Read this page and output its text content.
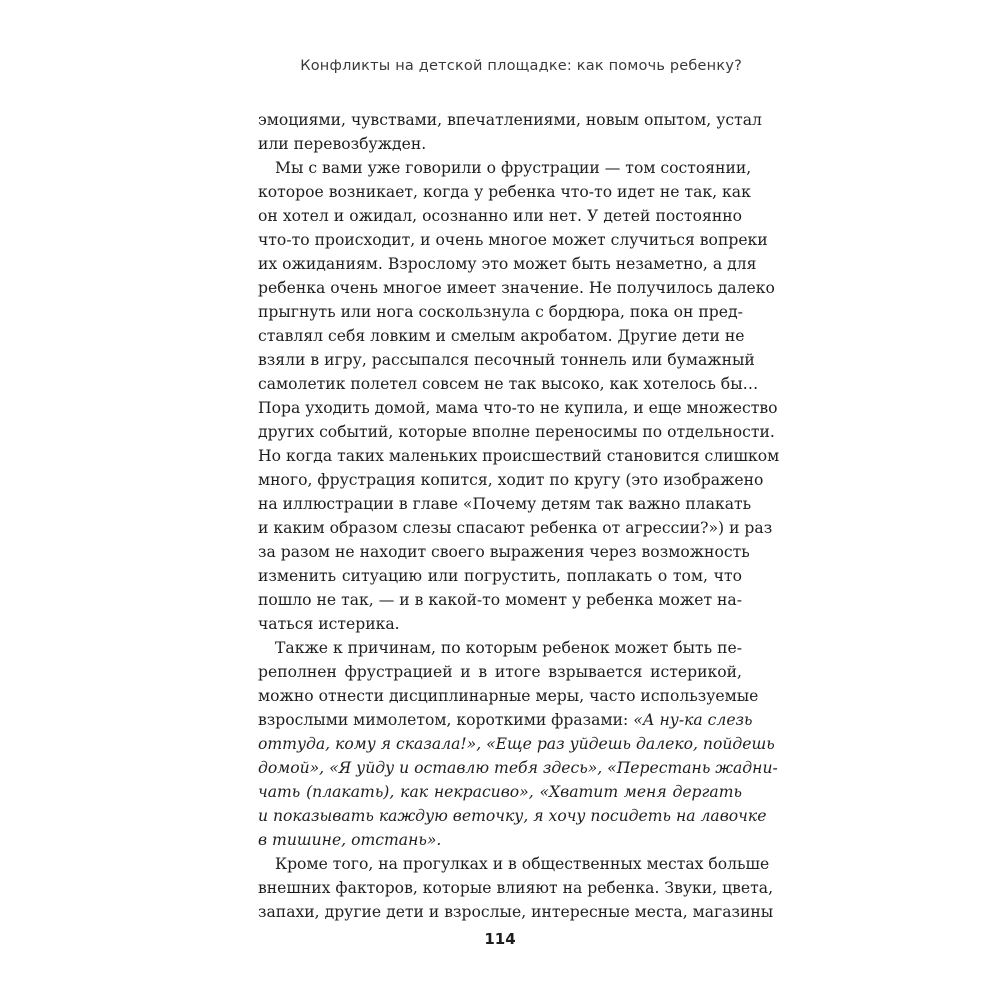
Конфликты на детской площадке: как помочь ребенку?
эмоциями, чувствами, впечатлениями, новым опытом, устал
или перевозбужден.
Мы с вами уже говорили о фрустрации — том состоянии,
которое возникает, когда у ребенка что-то идет не так, как
он хотел и ожидал, осознанно или нет. У детей постоянно
что-то происходит, и очень многое может случиться вопреки
их ожиданиям. Взрослому это может быть незаметно, а для
ребенка очень многое имеет значение. Не получилось далеко
прыгнуть или нога соскользнула с бордюра, пока он пред-
ставлял себя ловким и смелым акробатом. Другие дети не
взяли в игру, рассыпался песочный тоннель или бумажный
самолетик полетел совсем не так высоко, как хотелось бы…
Пора уходить домой, мама что-то не купила, и еще множество
других событий, которые вполне переносимы по отдельности.
Но когда таких маленьких происшествий становится слишком
много, фрустрация копится, ходит по кругу (это изображено
на иллюстрации в главе «Почему детям так важно плакать
и каким образом слезы спасают ребенка от агрессии?») и раз
за разом не находит своего выражения через возможность
изменить ситуацию или погрустить, поплакать о том, что
пошло не так, — и в какой-то момент у ребенка может на-
чаться истерика.
Также к причинам, по которым ребенок может быть пе-
реполнен фрустрацией и в итоге взрывается истерикой,
можно отнести дисциплинарные меры, часто используемые
взрослыми мимолетом, короткими фразами: «А ну-ка слезь
оттуда, кому я сказала!», «Еще раз уйдешь далеко, пойдешь
домой», «Я уйду и оставлю тебя здесь», «Перестань жадни-
чать (плакать), как некрасиво», «Хватит меня дергать
и показывать каждую веточку, я хочу посидеть на лавочке
в тишине, отстань».
Кроме того, на прогулках и в общественных местах больше
внешних факторов, которые влияют на ребенка. Звуки, цвета,
запахи, другие дети и взрослые, интересные места, магазины
114
